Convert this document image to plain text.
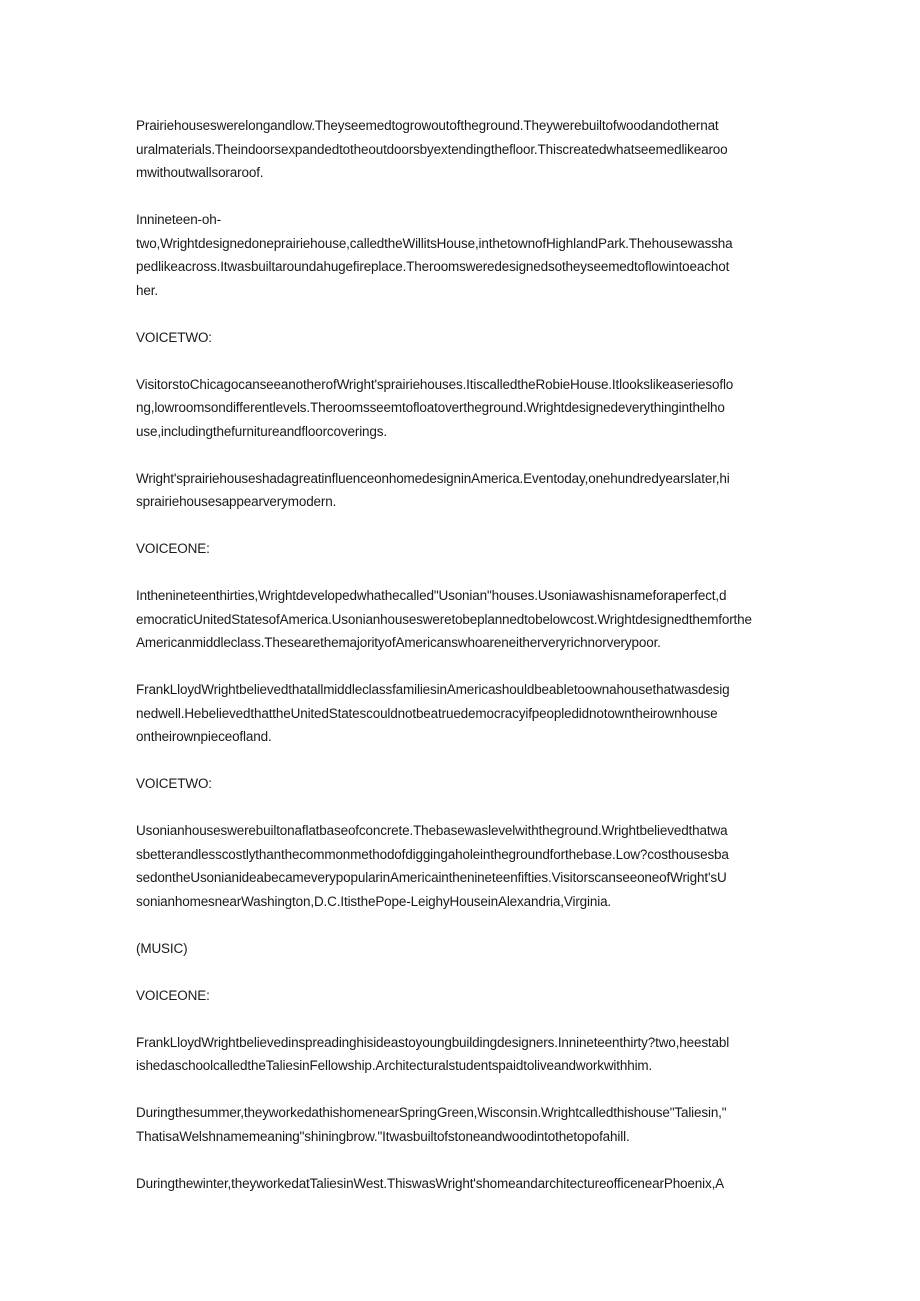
Prairiehouseswerelongandlow.Theyseemedtogrowoutoftheground.Theywerebuiltofwoodandothernat
uralmaterials.Theindoorsexpandedtotheoutdoorsbyextendingthefloor.Thiscreatedwhatseemedlikearoo
mwithoutwallsoraroof.
Innineteen-oh-
two,Wrightdesignedoneprairiehouse,calledtheWillitsHouse,inthetownofHighlandPark.Thehousewassha
pedlikeacross.Itwasbuiltaroundahugefireplace.Theroomsweredesignedsotheyseemedtoflowintoeachot
her.
VOICETWO:
VisitorstoChicagocanseeanotherofWright'sprairiehouses.ItiscalledtheRobieHouse.Itlookslikeaseriesoflo
ng,lowroomsondifferentlevels.Theroomsseemtofloatovertheground.Wrightdesignedeverythinginthelho
use,includingthefurnitureandfloorcoverings.
Wright'sprairiehouseshadagreatinfluenceonhomedesigninAmerica.Eventoday,onehundredyearslater,hi
sprairiehousesappearverymodern.
VOICEONE:
Inthenineteenthirties,Wrightdevelopedwhathecalled"Usonian"houses.Usoniawashisnameforaperfect,d
emocraticUnitedStatesofAmerica.Usonianhousesweretobeplannedtobelowcost.Wrightdesignedthemforthe
Americanmiddleclass.ThesearethemajorityofAmericanswhoareneitherveryrichnorverypoor.
FrankLloydWrightbelievedthatallmiddleclassfamiliesinAmericashouldbeabletoownahousethatwasdesig
nedwell.HebelievedthattheUnitedStatescouldnotbeatruedemocracyifpeopledidnotowntheirownhouse
ontheirownpieceofland.
VOICETWO:
Usonianhouseswerebuiltonaflatbaseofconcrete.Thebasewaslevelwiththeground.Wrightbelievedthatwa
sbetterandlesscostlythanthecommonmethodofdiggingaholeinthegroundforthebase.Low?costhousesba
sedontheUsonianideabecameverypopularinAmericainthenineteenfifties.VisitorscanseeoneofWright'sU
sonianhomesnearWashington,D.C.ItisthePope-LeighyHouseinAlexandria,Virginia.
(MUSIC)
VOICEONE:
FrankLloydWrightbelievedinspreadinghisideastoyoungbuildingdesigners.Innineteenthirty?two,heestabl
ishedaschoolcalledtheTaliesinFellowship.Architecturalstudentspaidtoliveandworkwithhim.
Duringthesummer,theyworkedathishomenearSpringGreen,Wisconsin.Wrightcalledthishouse"Taliesin,"
ThatisaWelshnamemeaning"shiningbrow."Itwasbuiltofstoneandwoodintothetopofahill.
Duringthewinter,theyworkedatTaliesinWest.ThiswasWright'shomeandarchitectureofficenearPhoenix,A
